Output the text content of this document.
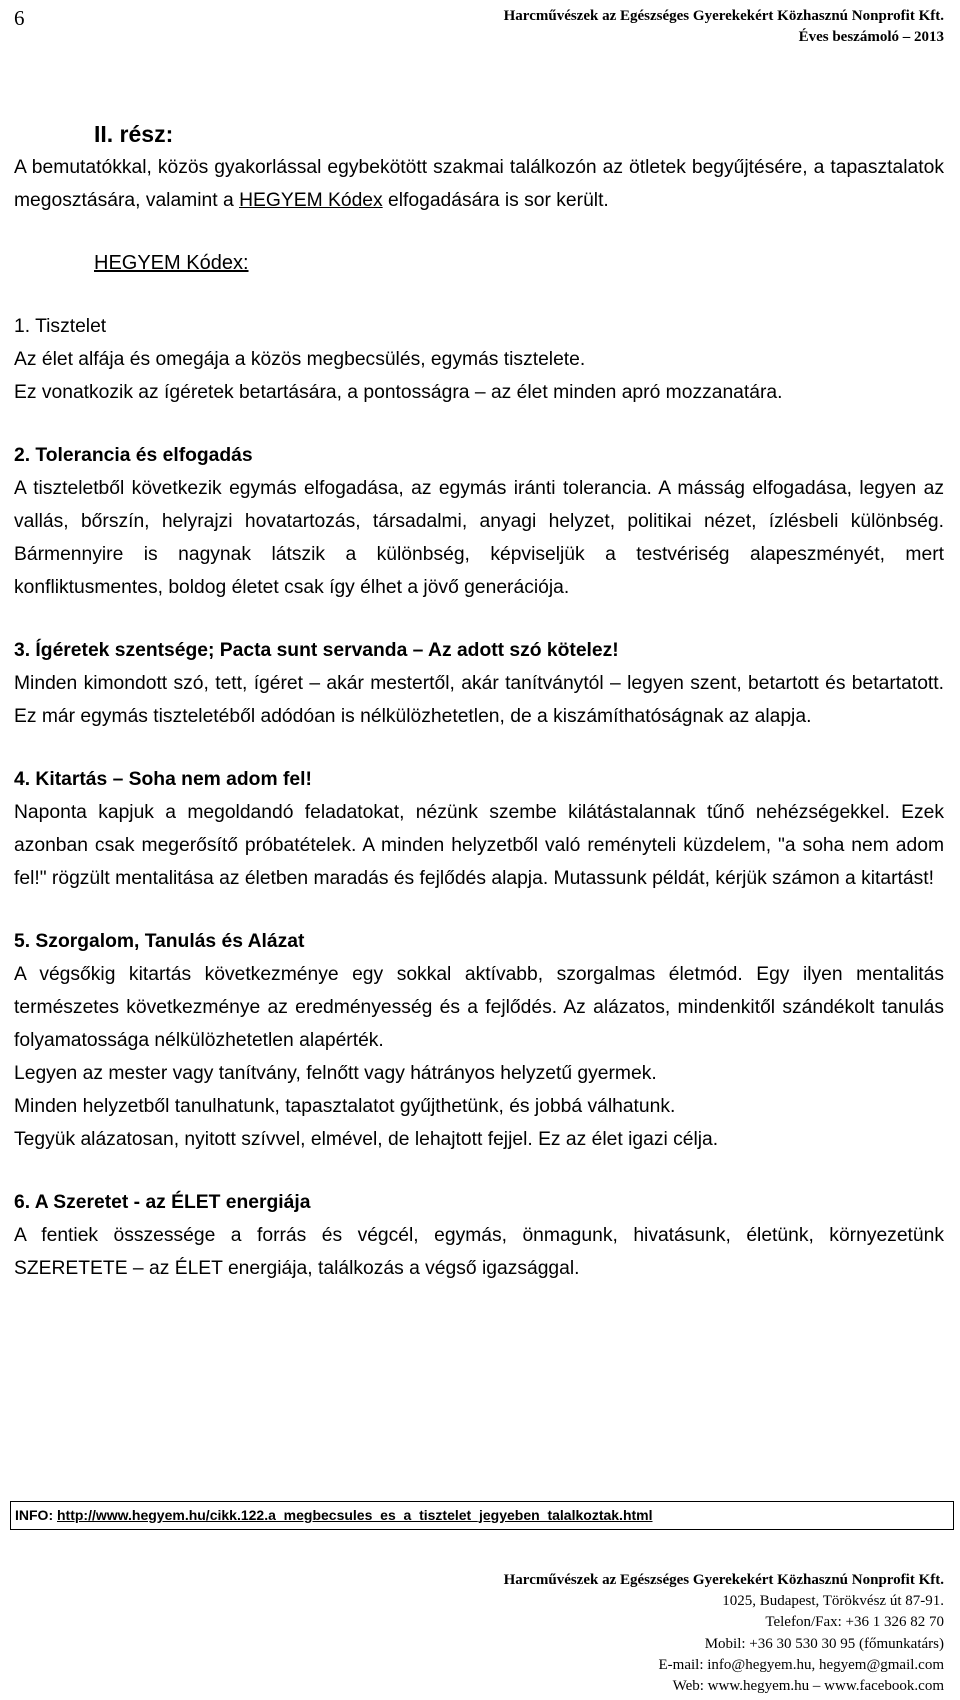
6	Harcművészek az Egészséges Gyerekekért Közhasznú Nonprofit Kft.
Éves beszámoló – 2013
II. rész:

A bemutatókkal, közös gyakorlással egybekötött szakmai találkozón az ötletek begyűjtésére, a tapasztalatok megosztására, valamint a HEGYEM Kódex elfogadására is sor került.

HEGYEM Kódex:
1. Tisztelet

Az élet alfája és omegája a közös megbecsülés, egymás tisztelete.

Ez vonatkozik az ígéretek betartására, a pontosságra – az élet minden apró mozzanatára.

2. Tolerancia és elfogadás

A tiszteletből következik egymás elfogadása, az egymás iránti tolerancia. A másság elfogadása, legyen az vallás, bőrszín, helyrajzi hovatartozás, társadalmi, anyagi helyzet, politikai nézet, ízlésbeli különbség. Bármennyire is nagynak látszik a különbség, képviseljük a testvériség alapeszményét, mert konfliktusmentes, boldog életet csak így élhet a jövő generációja.

3. Ígéretek szentsége; Pacta sunt servanda – Az adott szó kötelez!

Minden kimondott szó, tett, ígéret – akár mestertől, akár tanítványtól – legyen szent, betartott és betartatott. Ez már egymás tiszteletéből adódóan is nélkülözhetetlen, de a kiszámíthatóságnak az alapja.

4. Kitartás – Soha nem adom fel!

Naponta kapjuk a megoldandó feladatokat, nézünk szembe kilátástalannak tűnő nehézségekkel. Ezek azonban csak megerősítő próbatételek. A minden helyzetből való reményteli küzdelem, "a soha nem adom fel!" rögzült mentalitása az életben maradás és fejlődés alapja. Mutassunk példát, kérjük számon a kitartást!

5. Szorgalom, Tanulás és Alázat

A végsőkig kitartás következménye egy sokkal aktívabb, szorgalmas életmód. Egy ilyen mentalitás természetes következménye az eredményesség és a fejlődés. Az alázatos, mindenkitől szándékolt tanulás folyamatossága nélkülözhetetlen alapérték.

Legyen az mester vagy tanítvány, felnőtt vagy hátrányos helyzetű gyermek.

Minden helyzetből tanulhatunk, tapasztalatot gyűjthetünk, és jobbá válhatunk.

Tegyük alázatosan, nyitott szívvel, elmével, de lehajtott fejjel. Ez az élet igazi célja.

6. A Szeretet - az ÉLET energiája

A fentiek összessége a forrás és végcél, egymás, önmagunk, hivatásunk, életünk, környezetünk SZERETETE – az ÉLET energiája, találkozás a végső igazsággal.

INFO: http://www.hegyem.hu/cikk.122.a_megbecsules_es_a_tisztelet_jegyeben_talalkoztak.html
Harcművészek az Egészséges Gyerekekért Közhasznú Nonprofit Kft.
1025, Budapest, Törökvész út 87-91.
Telefon/Fax: +36 1 326 82 70
Mobil: +36 30 530 30 95 (főmunkatárs)
E-mail: info@hegyem.hu, hegyem@gmail.com
Web: www.hegyem.hu – www.facebook.com
